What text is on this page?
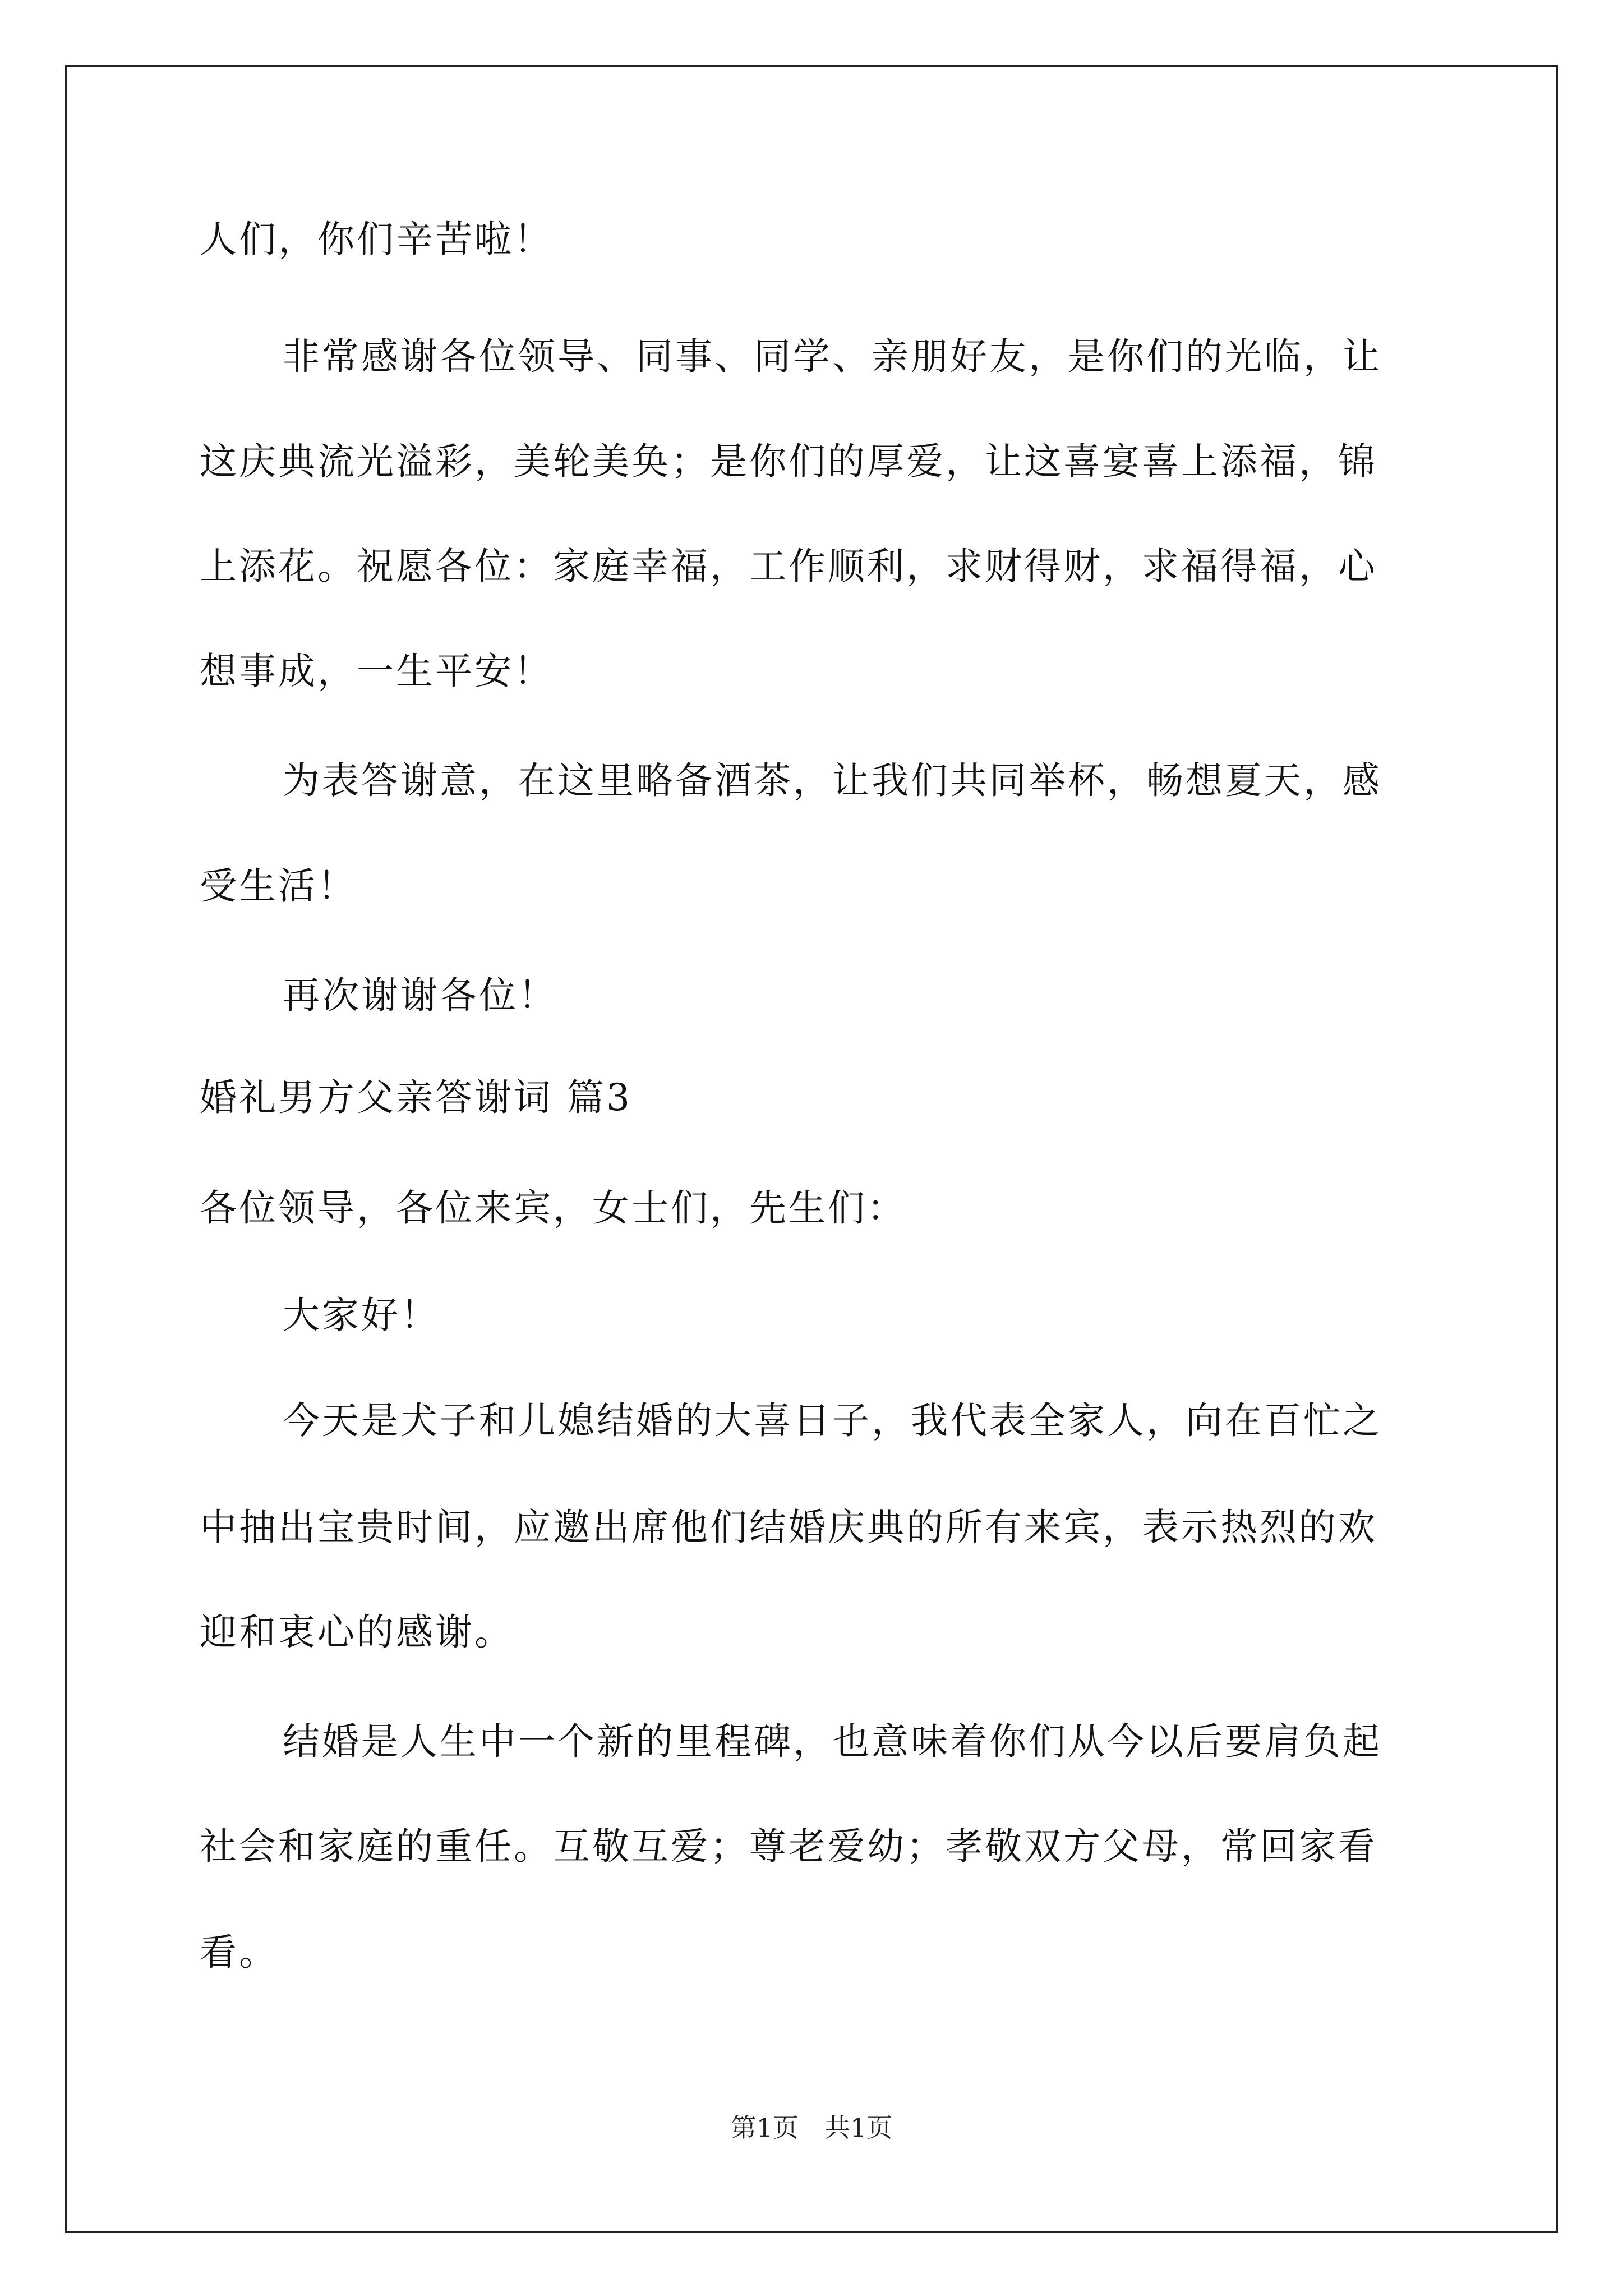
人们，你们辛苦啦！
非常感谢各位领导、同事、同学、亲朋好友，是你们的光临，让
这庆典流光溢彩，美轮美奂；是你们的厚爱，让这喜宴喜上添福，锦
上添花。祝愿各位：家庭幸福，工作顺利，求财得财，求福得福，心
想事成，一生平安！
为表答谢意，在这里略备酒茶，让我们共同举杯，畅想夏天，感
受生活！
再次谢谢各位！
婚礼男方父亲答谢词 篇3
各位领导，各位来宾，女士们，先生们：
大家好！
今天是犬子和儿媳结婚的大喜日子，我代表全家人，向在百忙之
中抽出宝贵时间，应邀出席他们结婚庆典的所有来宾，表示热烈的欢
迎和衷心的感谢。
结婚是人生中一个新的里程碑，也意味着你们从今以后要肩负起
社会和家庭的重任。互敬互爱；尊老爱幼；孝敬双方父母，常回家看
看。
第1页　共1页
